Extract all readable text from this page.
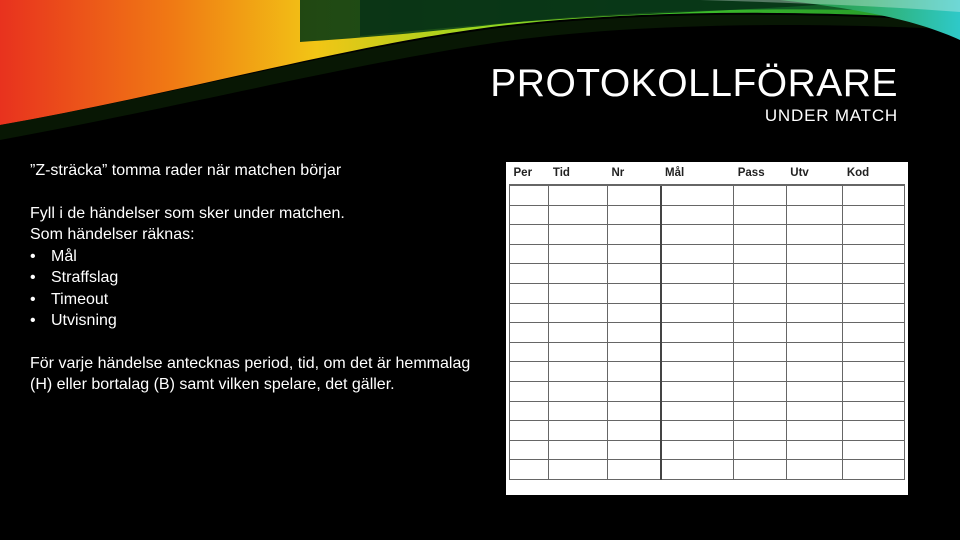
PROTOKOLLFÖRARE
UNDER MATCH

”Z-sträcka” tomma rader när matchen börjar

Fyll i de händelser som sker under matchen.

Som händelser räknas:

• Mål
• Straffslag
• Timeout
• Utvisning

För varje händelse antecknas period, tid, om det är hemmalag (H) eller bortalag (B) samt vilken spelare, det gäller.

Per	Tid	Nr	Mål	Pass	Utv	Kod
